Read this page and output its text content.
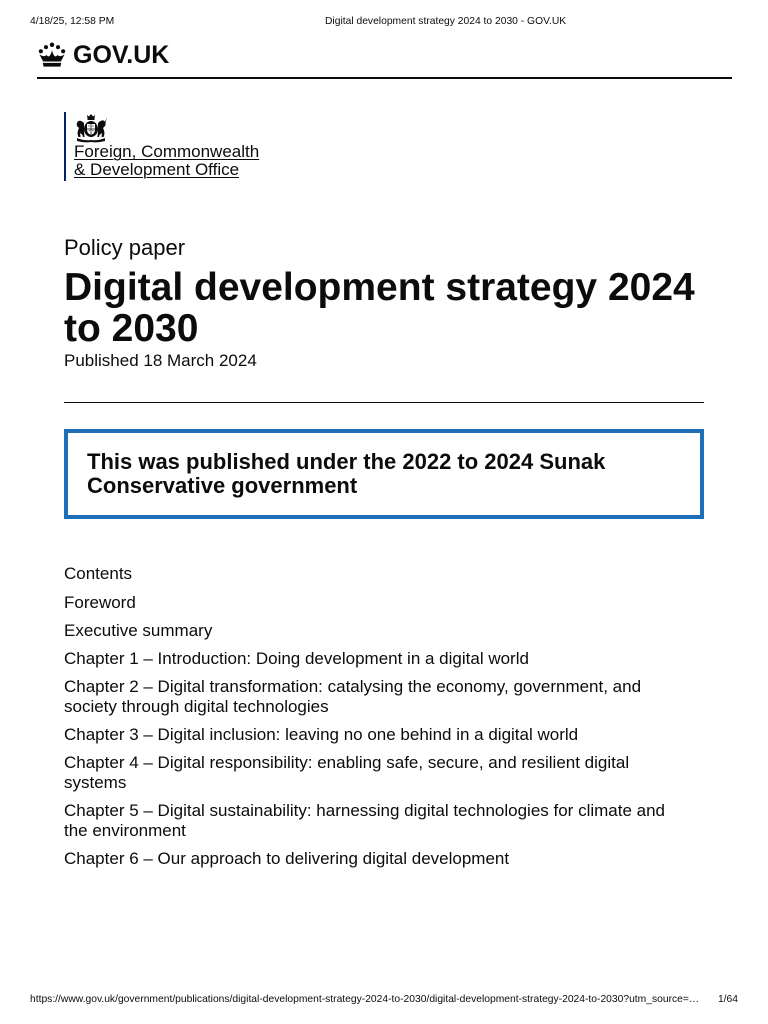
4/18/25, 12:58 PM	Digital development strategy 2024 to 2030 - GOV.UK
GOV.UK
Foreign, Commonwealth & Development Office
Policy paper
Digital development strategy 2024 to 2030
Published 18 March 2024

This was published under the 2022 to 2024 Sunak Conservative government

Contents
Foreword
Executive summary
Chapter 1 – Introduction: Doing development in a digital world
Chapter 2 – Digital transformation: catalysing the economy, government, and society through digital technologies
Chapter 3 – Digital inclusion: leaving no one behind in a digital world
Chapter 4 – Digital responsibility: enabling safe, secure, and resilient digital systems
Chapter 5 – Digital sustainability: harnessing digital technologies for climate and the environment
Chapter 6 – Our approach to delivering digital development
https://www.gov.uk/government/publications/digital-development-strategy-2024-to-2030/digital-development-strategy-2024-to-2030?utm_source=… 1/64
